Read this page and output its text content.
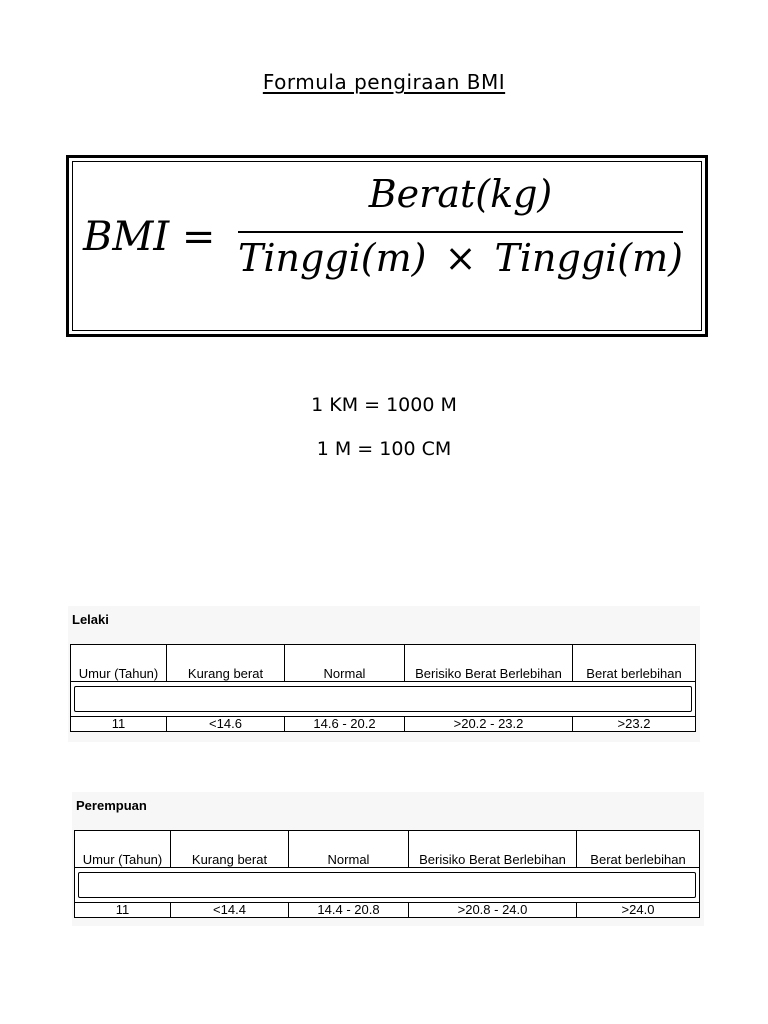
Formula pengiraan BMI
BMI =
Berat(kg)
Tinggi(m) × Tinggi(m)
1 KM = 1000 M
1 M = 100 CM
Lelaki
Umur (Tahun)	Kurang berat	Normal	Berisiko Berat Berlebihan	Berat berlebihan

11	<14.6	14.6 - 20.2	>20.2 - 23.2	>23.2
Perempuan
Umur (Tahun)	Kurang berat	Normal	Berisiko Berat Berlebihan	Berat berlebihan

11	<14.4	14.4 - 20.8	>20.8 - 24.0	>24.0
